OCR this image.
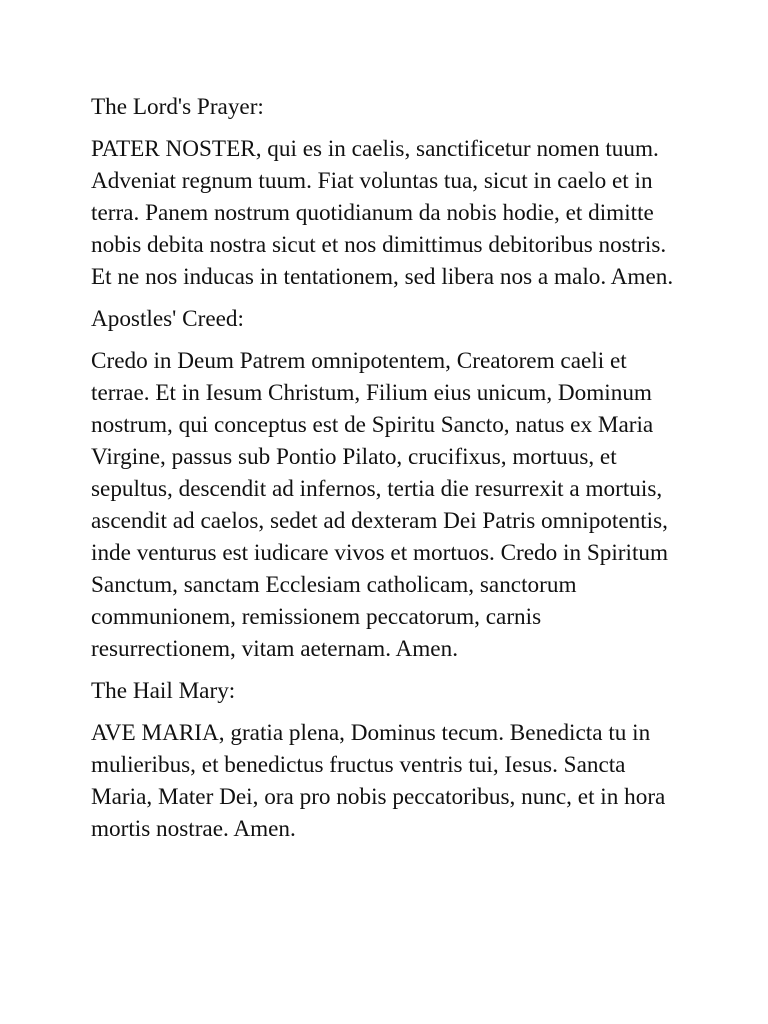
The Lord's Prayer:

PATER NOSTER, qui es in caelis, sanctificetur nomen tuum. Adveniat regnum tuum. Fiat voluntas tua, sicut in caelo et in terra. Panem nostrum quotidianum da nobis hodie, et dimitte nobis debita nostra sicut et nos dimittimus debitoribus nostris. Et ne nos inducas in tentationem, sed libera nos a malo. Amen.

Apostles' Creed:

Credo in Deum Patrem omnipotentem, Creatorem caeli et terrae. Et in Iesum Christum, Filium eius unicum, Dominum nostrum, qui conceptus est de Spiritu Sancto, natus ex Maria Virgine, passus sub Pontio Pilato, crucifixus, mortuus, et sepultus, descendit ad infernos, tertia die resurrexit a mortuis, ascendit ad caelos, sedet ad dexteram Dei Patris omnipotentis, inde venturus est iudicare vivos et mortuos. Credo in Spiritum Sanctum, sanctam Ecclesiam catholicam, sanctorum communionem, remissionem peccatorum, carnis resurrectionem, vitam aeternam. Amen.

The Hail Mary:

AVE MARIA, gratia plena, Dominus tecum. Benedicta tu in mulieribus, et benedictus fructus ventris tui, Iesus. Sancta Maria, Mater Dei, ora pro nobis peccatoribus, nunc, et in hora mortis nostrae. Amen.
